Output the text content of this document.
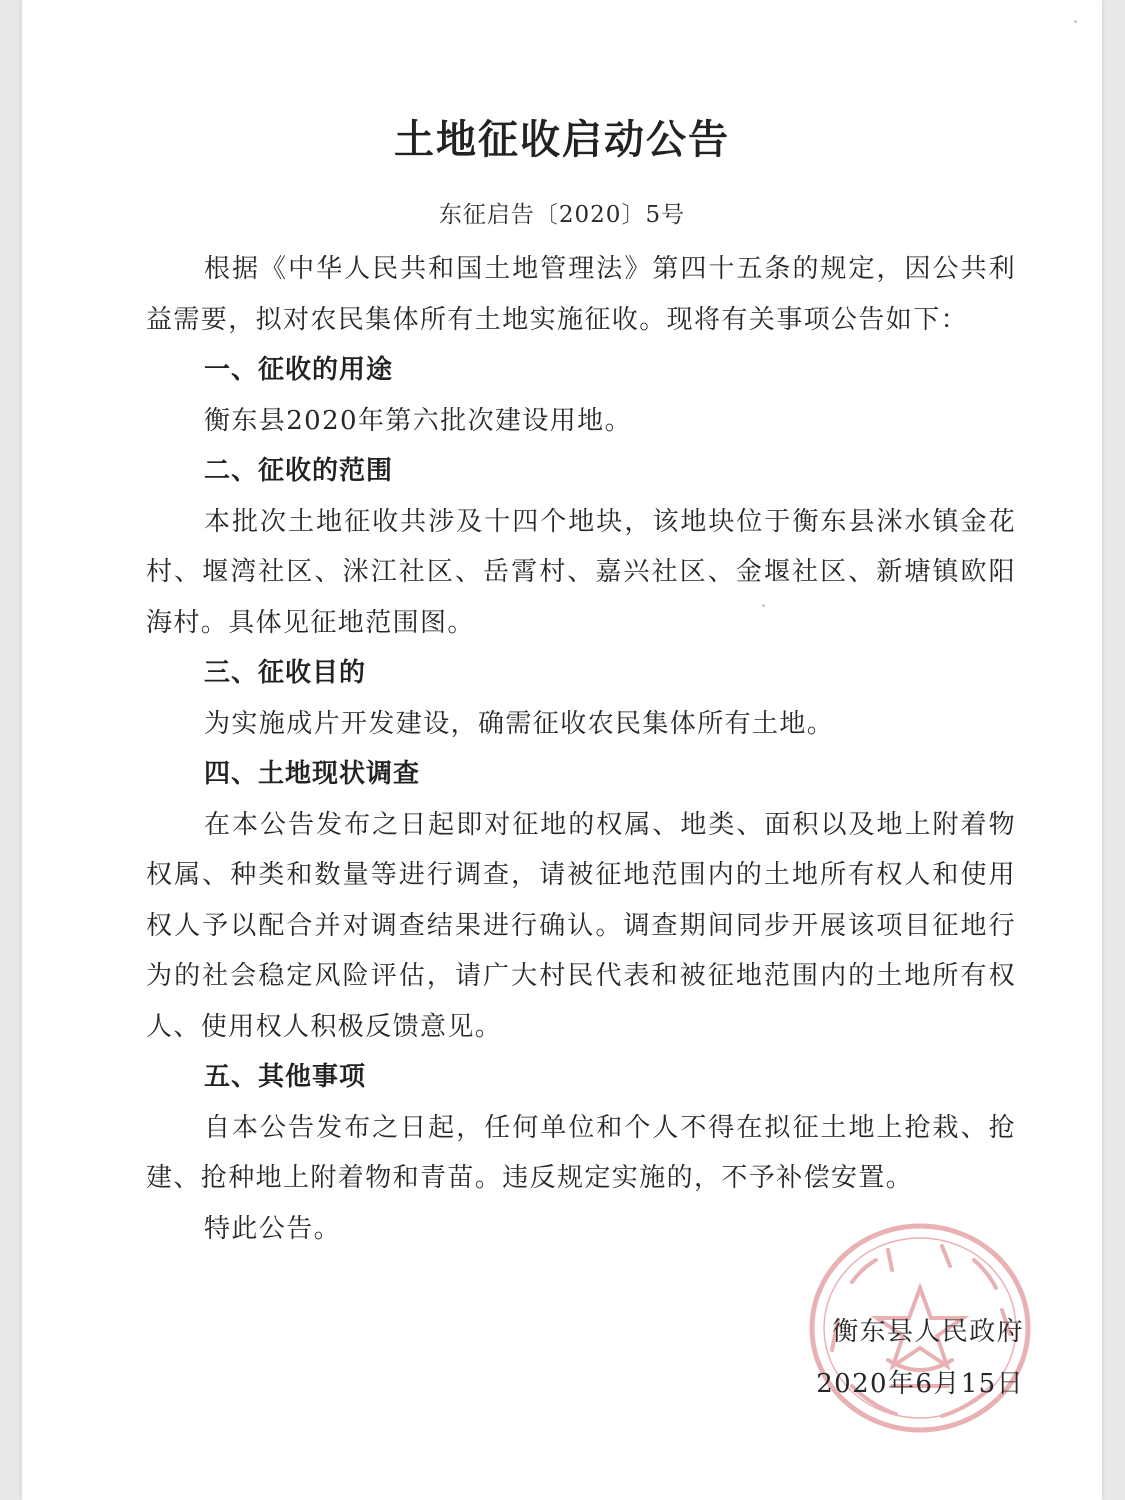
土地征收启动公告
东征启告〔2020〕5号

根据《中华人民共和国土地管理法》第四十五条的规定，因公共利益需要，拟对农民集体所有土地实施征收。现将有关事项公告如下：

一、征收的用途

衡东县2020年第六批次建设用地。

二、征收的范围

本批次土地征收共涉及十四个地块，该地块位于衡东县洣水镇金花村、堰湾社区、洣江社区、岳霄村、嘉兴社区、金堰社区、新塘镇欧阳海村。具体见征地范围图。

三、征收目的

为实施成片开发建设，确需征收农民集体所有土地。

四、土地现状调查

在本公告发布之日起即对征地的权属、地类、面积以及地上附着物权属、种类和数量等进行调查，请被征地范围内的土地所有权人和使用权人予以配合并对调查结果进行确认。调查期间同步开展该项目征地行为的社会稳定风险评估，请广大村民代表和被征地范围内的土地所有权人、使用权人积极反馈意见。

五、其他事项

自本公告发布之日起，任何单位和个人不得在拟征土地上抢栽、抢建、抢种地上附着物和青苗。违反规定实施的，不予补偿安置。

特此公告。

衡东县人民政府
2020年6月15日
